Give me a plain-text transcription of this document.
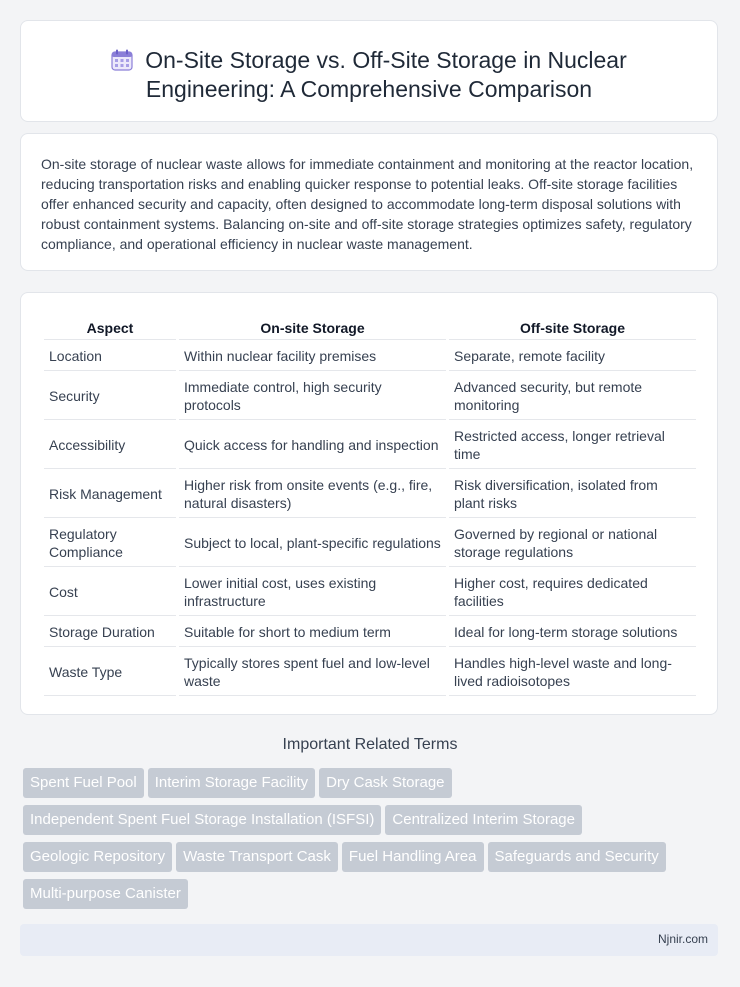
On-Site Storage vs. Off-Site Storage in Nuclear
Engineering: A Comprehensive Comparison

On-site storage of nuclear waste allows for immediate containment and monitoring at the reactor location, reducing transportation risks and enabling quicker response to potential leaks. Off-site storage facilities offer enhanced security and capacity, often designed to accommodate long-term disposal solutions with robust containment systems. Balancing on-site and off-site storage strategies optimizes safety, regulatory compliance, and operational efficiency in nuclear waste management.

Aspect	On-site Storage	Off-site Storage
Location	Within nuclear facility premises	Separate, remote facility
Security	Immediate control, high security protocols	Advanced security, but remote monitoring
Accessibility	Quick access for handling and inspection	Restricted access, longer retrieval time
Risk Management	Higher risk from onsite events (e.g., fire, natural disasters)	Risk diversification, isolated from plant risks
Regulatory Compliance	Subject to local, plant-specific regulations	Governed by regional or national storage regulations
Cost	Lower initial cost, uses existing infrastructure	Higher cost, requires dedicated facilities
Storage Duration	Suitable for short to medium term	Ideal for long-term storage solutions
Waste Type	Typically stores spent fuel and low-level waste	Handles high-level waste and long-lived radioisotopes
Important Related Terms
Spent Fuel Pool Interim Storage Facility Dry Cask Storage
Independent Spent Fuel Storage Installation (ISFSI) Centralized Interim Storage
Geologic Repository Waste Transport Cask Fuel Handling Area Safeguards and Security
Multi-purpose Canister
Njnir.com
